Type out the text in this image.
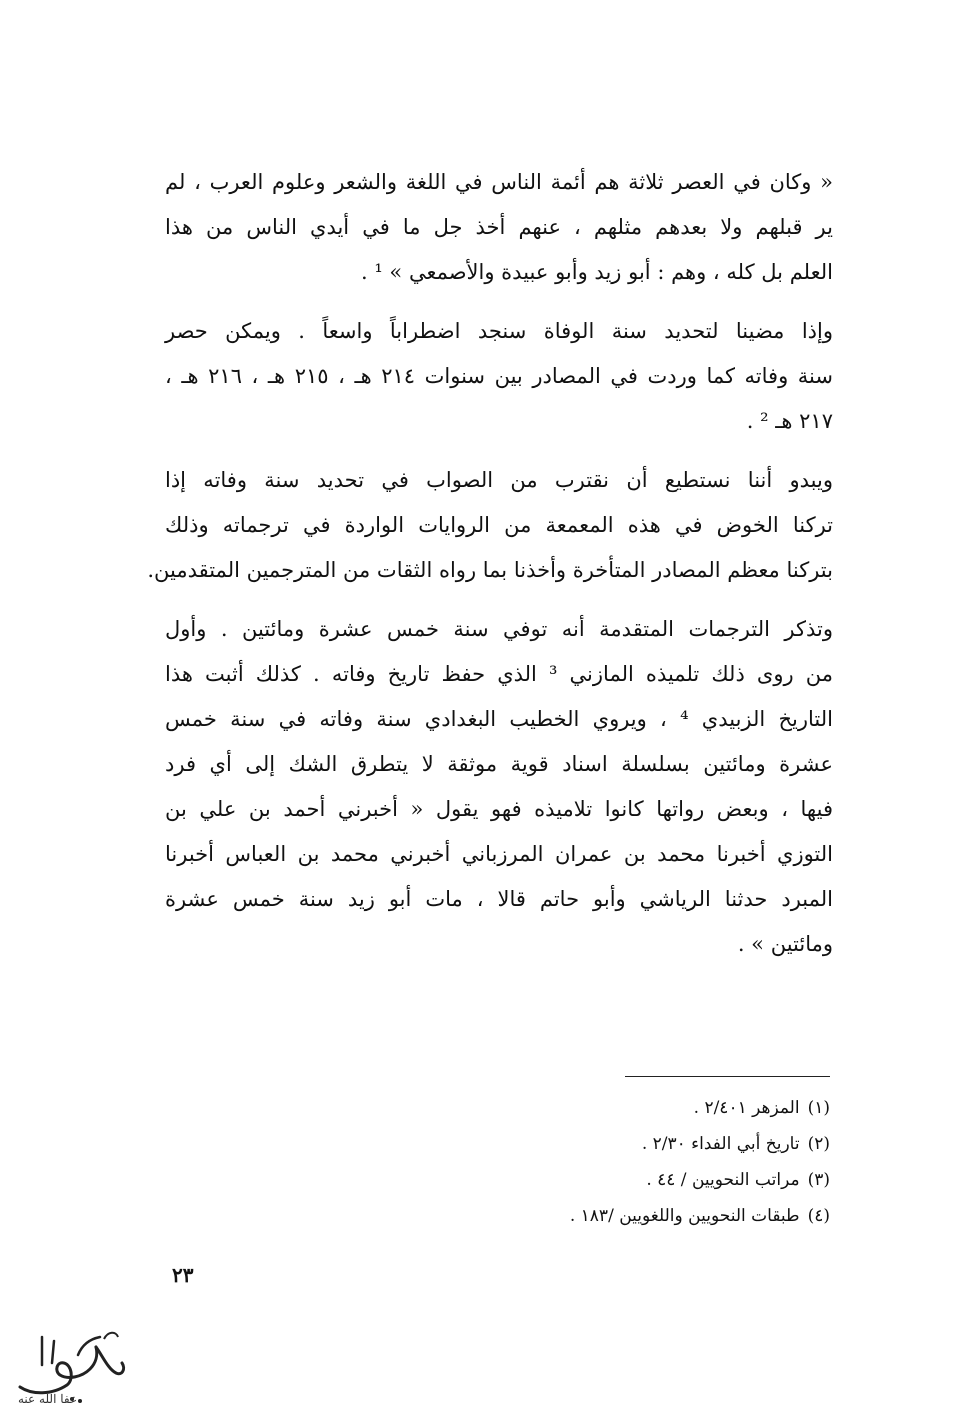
« وكان في العصر ثلاثة هم أئمة الناس في اللغة والشعر وعلوم العرب ، لم
ير قبلهم ولا بعدهم مثلهم ، عنهم أخذ جل ما في أيدي الناس من هذا
العلم بل كله ، وهم : أبو زيد وأبو عبيدة والأصمعي » ¹ .

وإذا مضينا لتحديد سنة الوفاة سنجد اضطراباً واسعاً . ويمكن حصر
سنة وفاته كما وردت في المصادر بين سنوات ٢١٤ هـ ، ٢١٥ هـ ، ٢١٦ هـ ،
٢١٧ هـ ² .

ويبدو أننا نستطيع أن نقترب من الصواب في تحديد سنة وفاته إذا
تركنا الخوض في هذه المعمعة من الروايات الواردة في ترجماته وذلك
بتركنا معظم المصادر المتأخرة وأخذنا بما رواه الثقات من المترجمين المتقدمين.

وتذكر الترجمات المتقدمة أنه توفي سنة خمس عشرة ومائتين . وأول
من روى ذلك تلميذه المازني ³ الذي حفظ تاريخ وفاته . كذلك أثبت هذا
التاريخ الزبيدي ⁴ ، ويروي الخطيب البغدادي سنة وفاته في سنة خمس
عشرة ومائتين بسلسلة اسناد قوية موثقة لا يتطرق الشك إلى أي فرد
فيها ، وبعض رواتها كانوا تلاميذه فهو يقول « أخبرني أحمد بن علي بن
التوزي أخبرنا محمد بن عمران المرزباني أخبرني محمد بن العباس أخبرنا
المبرد حدثنا الرياشي وأبو حاتم قالا ، مات أبو زيد سنة خمس عشرة
ومائتين » .

(١)المزهر ٢/٤٠١ .
(٢)تاريخ أبي الفداء ٢/٣٠ .
(٣)مراتب النحويين / ٤٤ .
(٤)طبقات النحويين واللغويين /١٨٣ .
٢٣
عفا الله عنه
